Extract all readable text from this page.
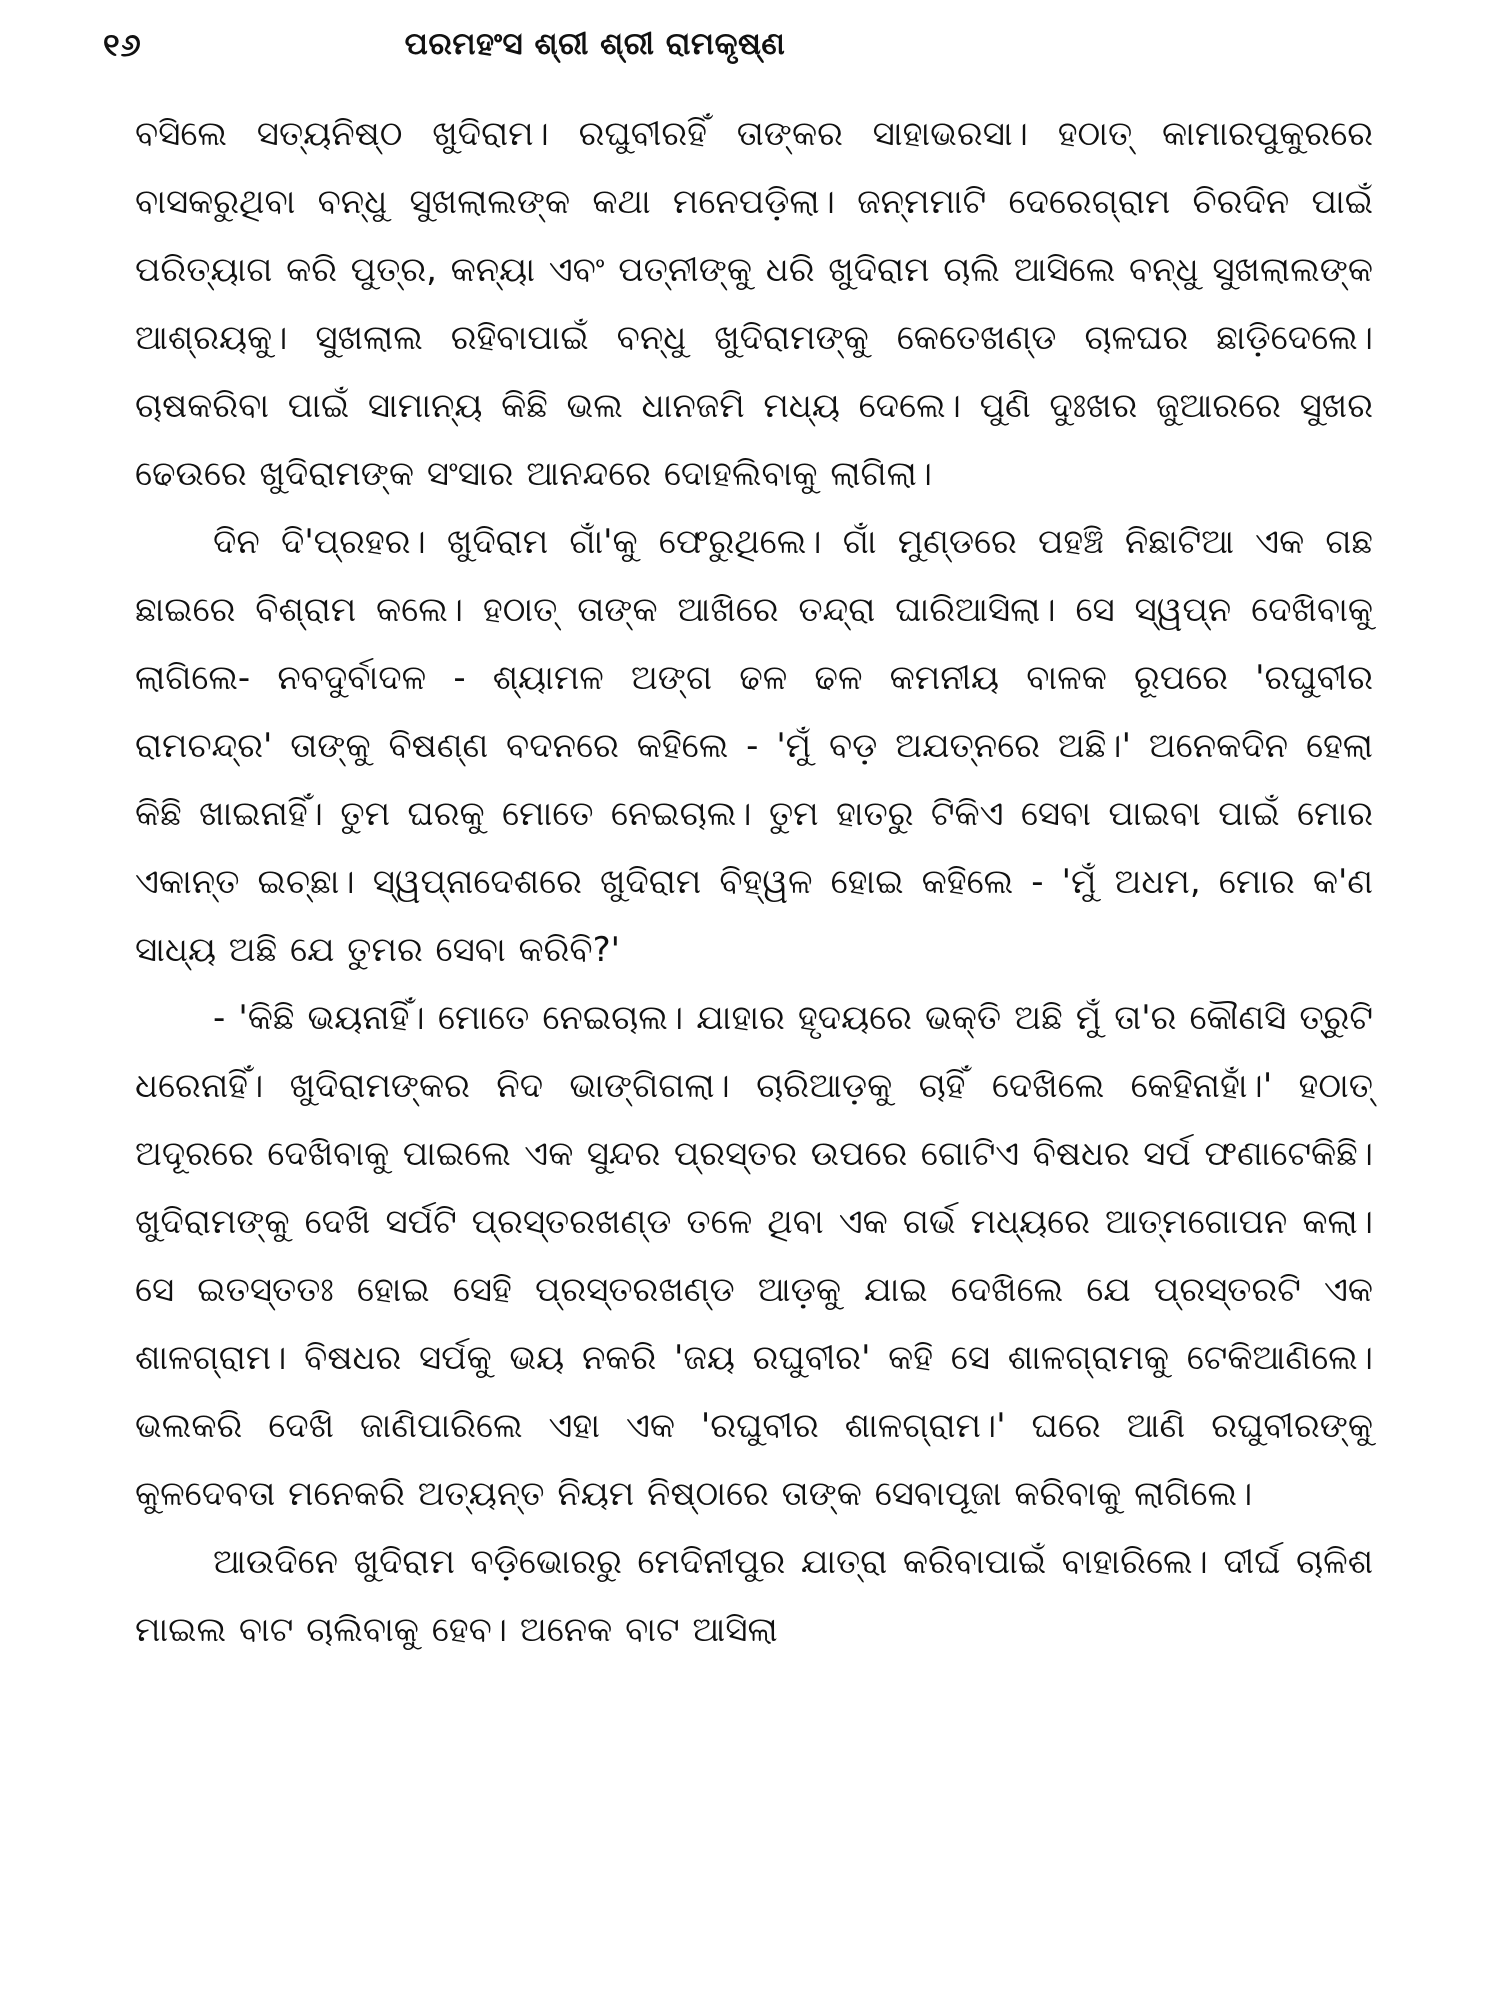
୧୬	ପରମହଂସ ଶ୍ରୀ ଶ୍ରୀ ରାମକୃଷ୍ଣ

ବସିଲେ ସତ୍ୟନିଷ୍ଠ ଖୁଦିରାମ। ରଘୁବୀରହିଁ ତାଙ୍କର ସାହାଭରସା। ହଠାତ୍ କାମାରପୁକୁରରେ ବାସକରୁଥିବା ବନ୍ଧୁ ସୁଖଲାଲଙ୍କ କଥା ମନେପଡ଼ିଲା। ଜନ୍ମମାଟି ଦେରେଗ୍ରାମ ଚିରଦିନ ପାଇଁ ପରିତ୍ୟାଗ କରି ପୁତ୍ର, କନ୍ୟା ଏବଂ ପତ୍ନୀଙ୍କୁ ଧରି ଖୁଦିରାମ ଚାଲି ଆସିଲେ ବନ୍ଧୁ ସୁଖଲାଲଙ୍କ ଆଶ୍ରୟକୁ। ସୁଖଲାଲ ରହିବାପାଇଁ ବନ୍ଧୁ ଖୁଦିରାମଙ୍କୁ କେତେଖଣ୍ଡ ଚାଳଘର ଛାଡ଼ିଦେଲେ। ଚାଷକରିବା ପାଇଁ ସାମାନ୍ୟ କିଛି ଭଲ ଧାନଜମି ମଧ୍ୟ ଦେଲେ। ପୁଣି ଦୁଃଖର ଜୁଆରରେ ସୁଖର ଢେଉରେ ଖୁଦିରାମଙ୍କ ସଂସାର ଆନନ୍ଦରେ ଦୋହଲିବାକୁ ଲାଗିଲା।

ଦିନ ଦି'ପ୍ରହର। ଖୁଦିରାମ ଗାଁ'କୁ ଫେରୁଥିଲେ। ଗାଁ ମୁଣ୍ଡରେ ପହଞ୍ଚି ନିଛାଟିଆ ଏକ ଗଛ ଛାଇରେ ବିଶ୍ରାମ କଲେ। ହଠାତ୍ ତାଙ୍କ ଆଖିରେ ତନ୍ଦ୍ରା ଘାରିଆସିଲା। ସେ ସ୍ୱପ୍ନ ଦେଖିବାକୁ ଲାଗିଲେ- ନବଦୁର୍ବାଦଳ - ଶ୍ୟାମଳ ଅଙ୍ଗ ଢଳ ଢଳ କମନୀୟ ବାଳକ ରୂପରେ 'ରଘୁବୀର ରାମଚନ୍ଦ୍ର' ତାଙ୍କୁ ବିଷଣ୍ଣ ବଦନରେ କହିଲେ - 'ମୁଁ ବଡ଼ ଅଯତ୍ନରେ ଅଛି।' ଅନେକଦିନ ହେଲା କିଛି ଖାଇନାହିଁ। ତୁମ ଘରକୁ ମୋତେ ନେଇଚାଲ। ତୁମ ହାତରୁ ଟିକିଏ ସେବା ପାଇବା ପାଇଁ ମୋର ଏକାନ୍ତ ଇଚ୍ଛା। ସ୍ୱପ୍ନାଦେଶରେ ଖୁଦିରାମ ବିହ୍ୱଳ ହୋଇ କହିଲେ - 'ମୁଁ ଅଧମ, ମୋର କ'ଣ ସାଧ୍ୟ ଅଛି ଯେ ତୁମର ସେବା କରିବି?'

- 'କିଛି ଭୟନାହିଁ। ମୋତେ ନେଇଚାଲ। ଯାହାର ହୃଦୟରେ ଭକ୍ତି ଅଛି ମୁଁ ତା'ର କୌଣସି ତ୍ରୁଟି ଧରେନାହିଁ। ଖୁଦିରାମଙ୍କର ନିଦ ଭାଙ୍ଗିଗଲା। ଚାରିଆଡ଼କୁ ଚାହିଁ ଦେଖିଲେ କେହିନାହାଁ।' ହଠାତ୍ ଅଦୂରରେ ଦେଖିବାକୁ ପାଇଲେ ଏକ ସୁନ୍ଦର ପ୍ରସ୍ତର ଉପରେ ଗୋଟିଏ ବିଷଧର ସର୍ପ ଫଣାଟେକିଛି। ଖୁଦିରାମଙ୍କୁ ଦେଖି ସର୍ପଟି ପ୍ରସ୍ତରଖଣ୍ଡ ତଳେ ଥିବା ଏକ ଗର୍ଭ ମଧ୍ୟରେ ଆତ୍ମଗୋପନ କଲା। ସେ ଇତସ୍ତତଃ ହୋଇ ସେହି ପ୍ରସ୍ତରଖଣ୍ଡ ଆଡ଼କୁ ଯାଇ ଦେଖିଲେ ଯେ ପ୍ରସ୍ତରଟି ଏକ ଶାଳଗ୍ରାମ। ବିଷଧର ସର୍ପକୁ ଭୟ ନକରି 'ଜୟ ରଘୁବୀର' କହି ସେ ଶାଳଗ୍ରାମକୁ ଟେକିଆଣିଲେ। ଭଲକରି ଦେଖି ଜାଣିପାରିଲେ ଏହା ଏକ 'ରଘୁବୀର ଶାଳଗ୍ରାମ।' ଘରେ ଆଣି ରଘୁବୀରଙ୍କୁ କୁଳଦେବତା ମନେକରି ଅତ୍ୟନ୍ତ ନିୟମ ନିଷ୍ଠାରେ ତାଙ୍କ ସେବାପୂଜା କରିବାକୁ ଲାଗିଲେ।

ଆଉଦିନେ ଖୁଦିରାମ ବଡ଼ିଭୋରରୁ ମେଦିନୀପୁର ଯାତ୍ରା କରିବାପାଇଁ ବାହାରିଲେ। ଦୀର୍ଘ ଚାଳିଶ ମାଇଲ ବାଟ ଚାଲିବାକୁ ହେବ। ଅନେକ ବାଟ ଆସିଲା
